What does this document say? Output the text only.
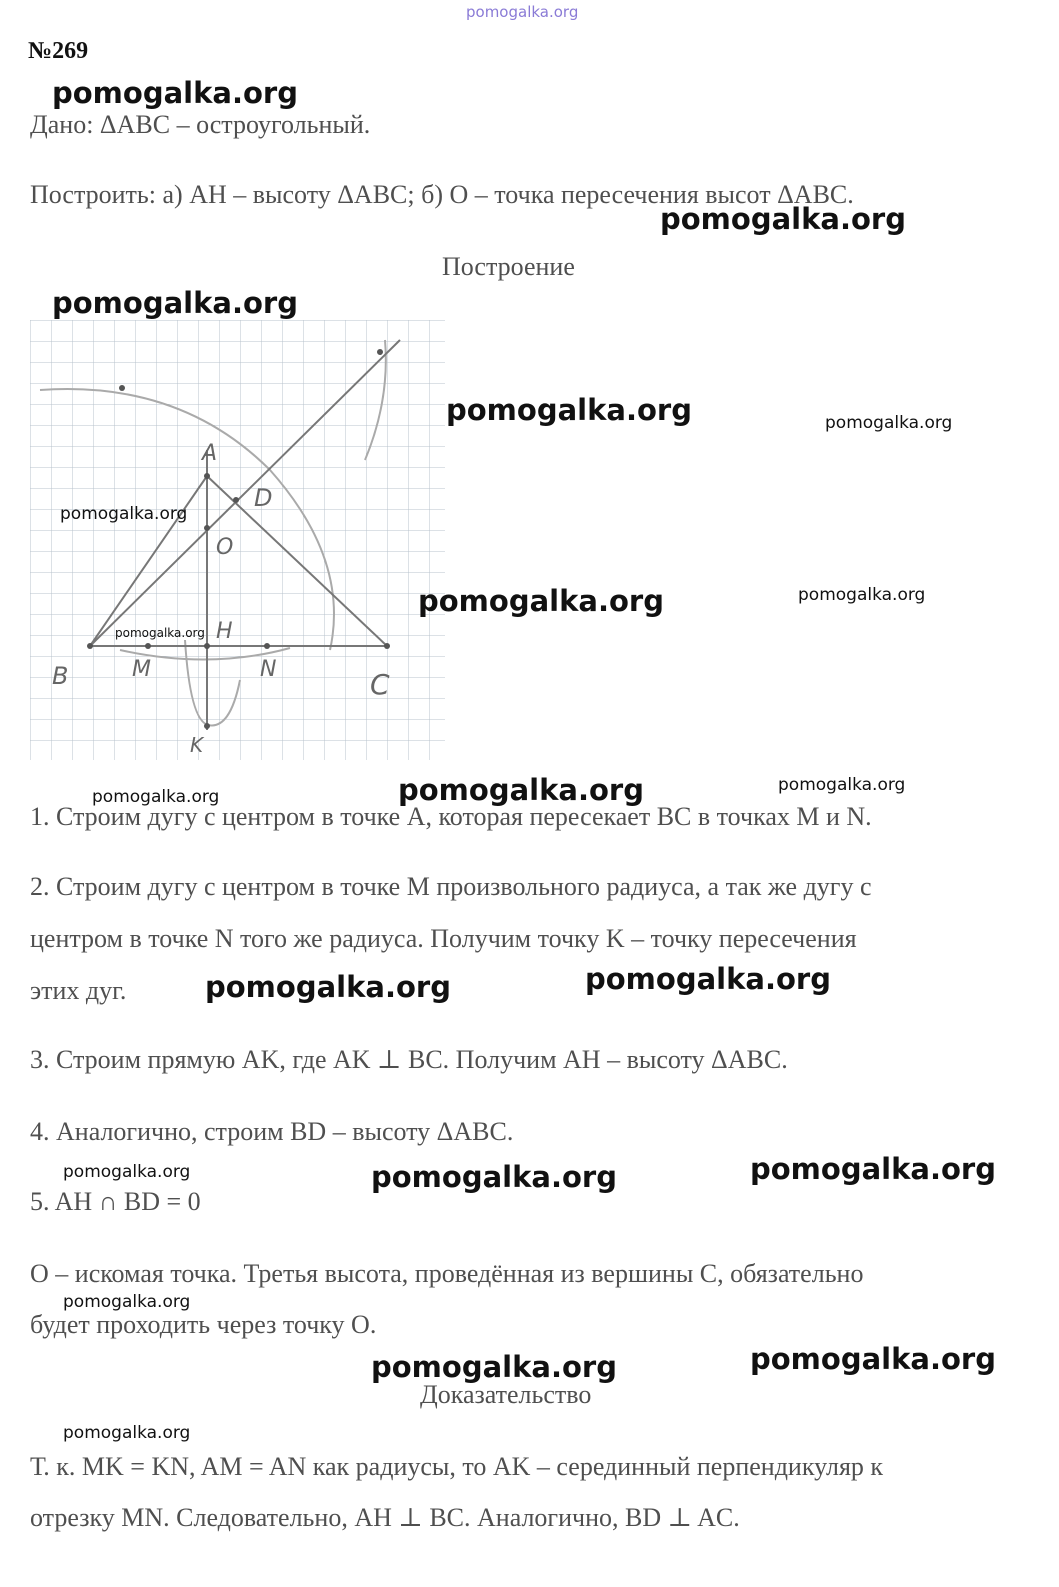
pomogalka.org
№269
pomogalka.org
Дано: ΔABC – остроугольный.
Построить: а) AH – высоту ΔABC; б) O – точка пересечения высот ΔABC.
pomogalka.org
Построение
pomogalka.org
A
D
O
H
B	M	N	C
K
pomogalka.org	pomogalka.org
pomogalka.org
pomogalka.org	pomogalka.org
pomogalka.org
pomogalka.org	pomogalka.org
pomogalka.org
1. Строим дугу с центром в точке A, которая пересекает BC в точках M и N.
2. Строим дугу с центром в точке M произвольного радиуса, а так же дугу с
центром в точке N того же радиуса. Получим точку K – точку пересечения
этих дуг.	pomogalka.org	pomogalka.org
3. Строим прямую AK, где AK ⊥ BC. Получим AH – высоту ΔABC.
4. Аналогично, строим BD – высоту ΔABC.
pomogalka.org	pomogalka.org	pomogalka.org
5. AH ∩ BD = 0
O – искомая точка. Третья высота, проведённая из вершины C, обязательно
pomogalka.org
будет проходить через точку O.
pomogalka.org	pomogalka.org
Доказательство
pomogalka.org
Т. к. MK = KN, AM = AN как радиусы, то AK – серединный перпендикуляр к
отрезку MN. Следовательно, AH ⊥ BC. Аналогично, BD ⊥ AC.
